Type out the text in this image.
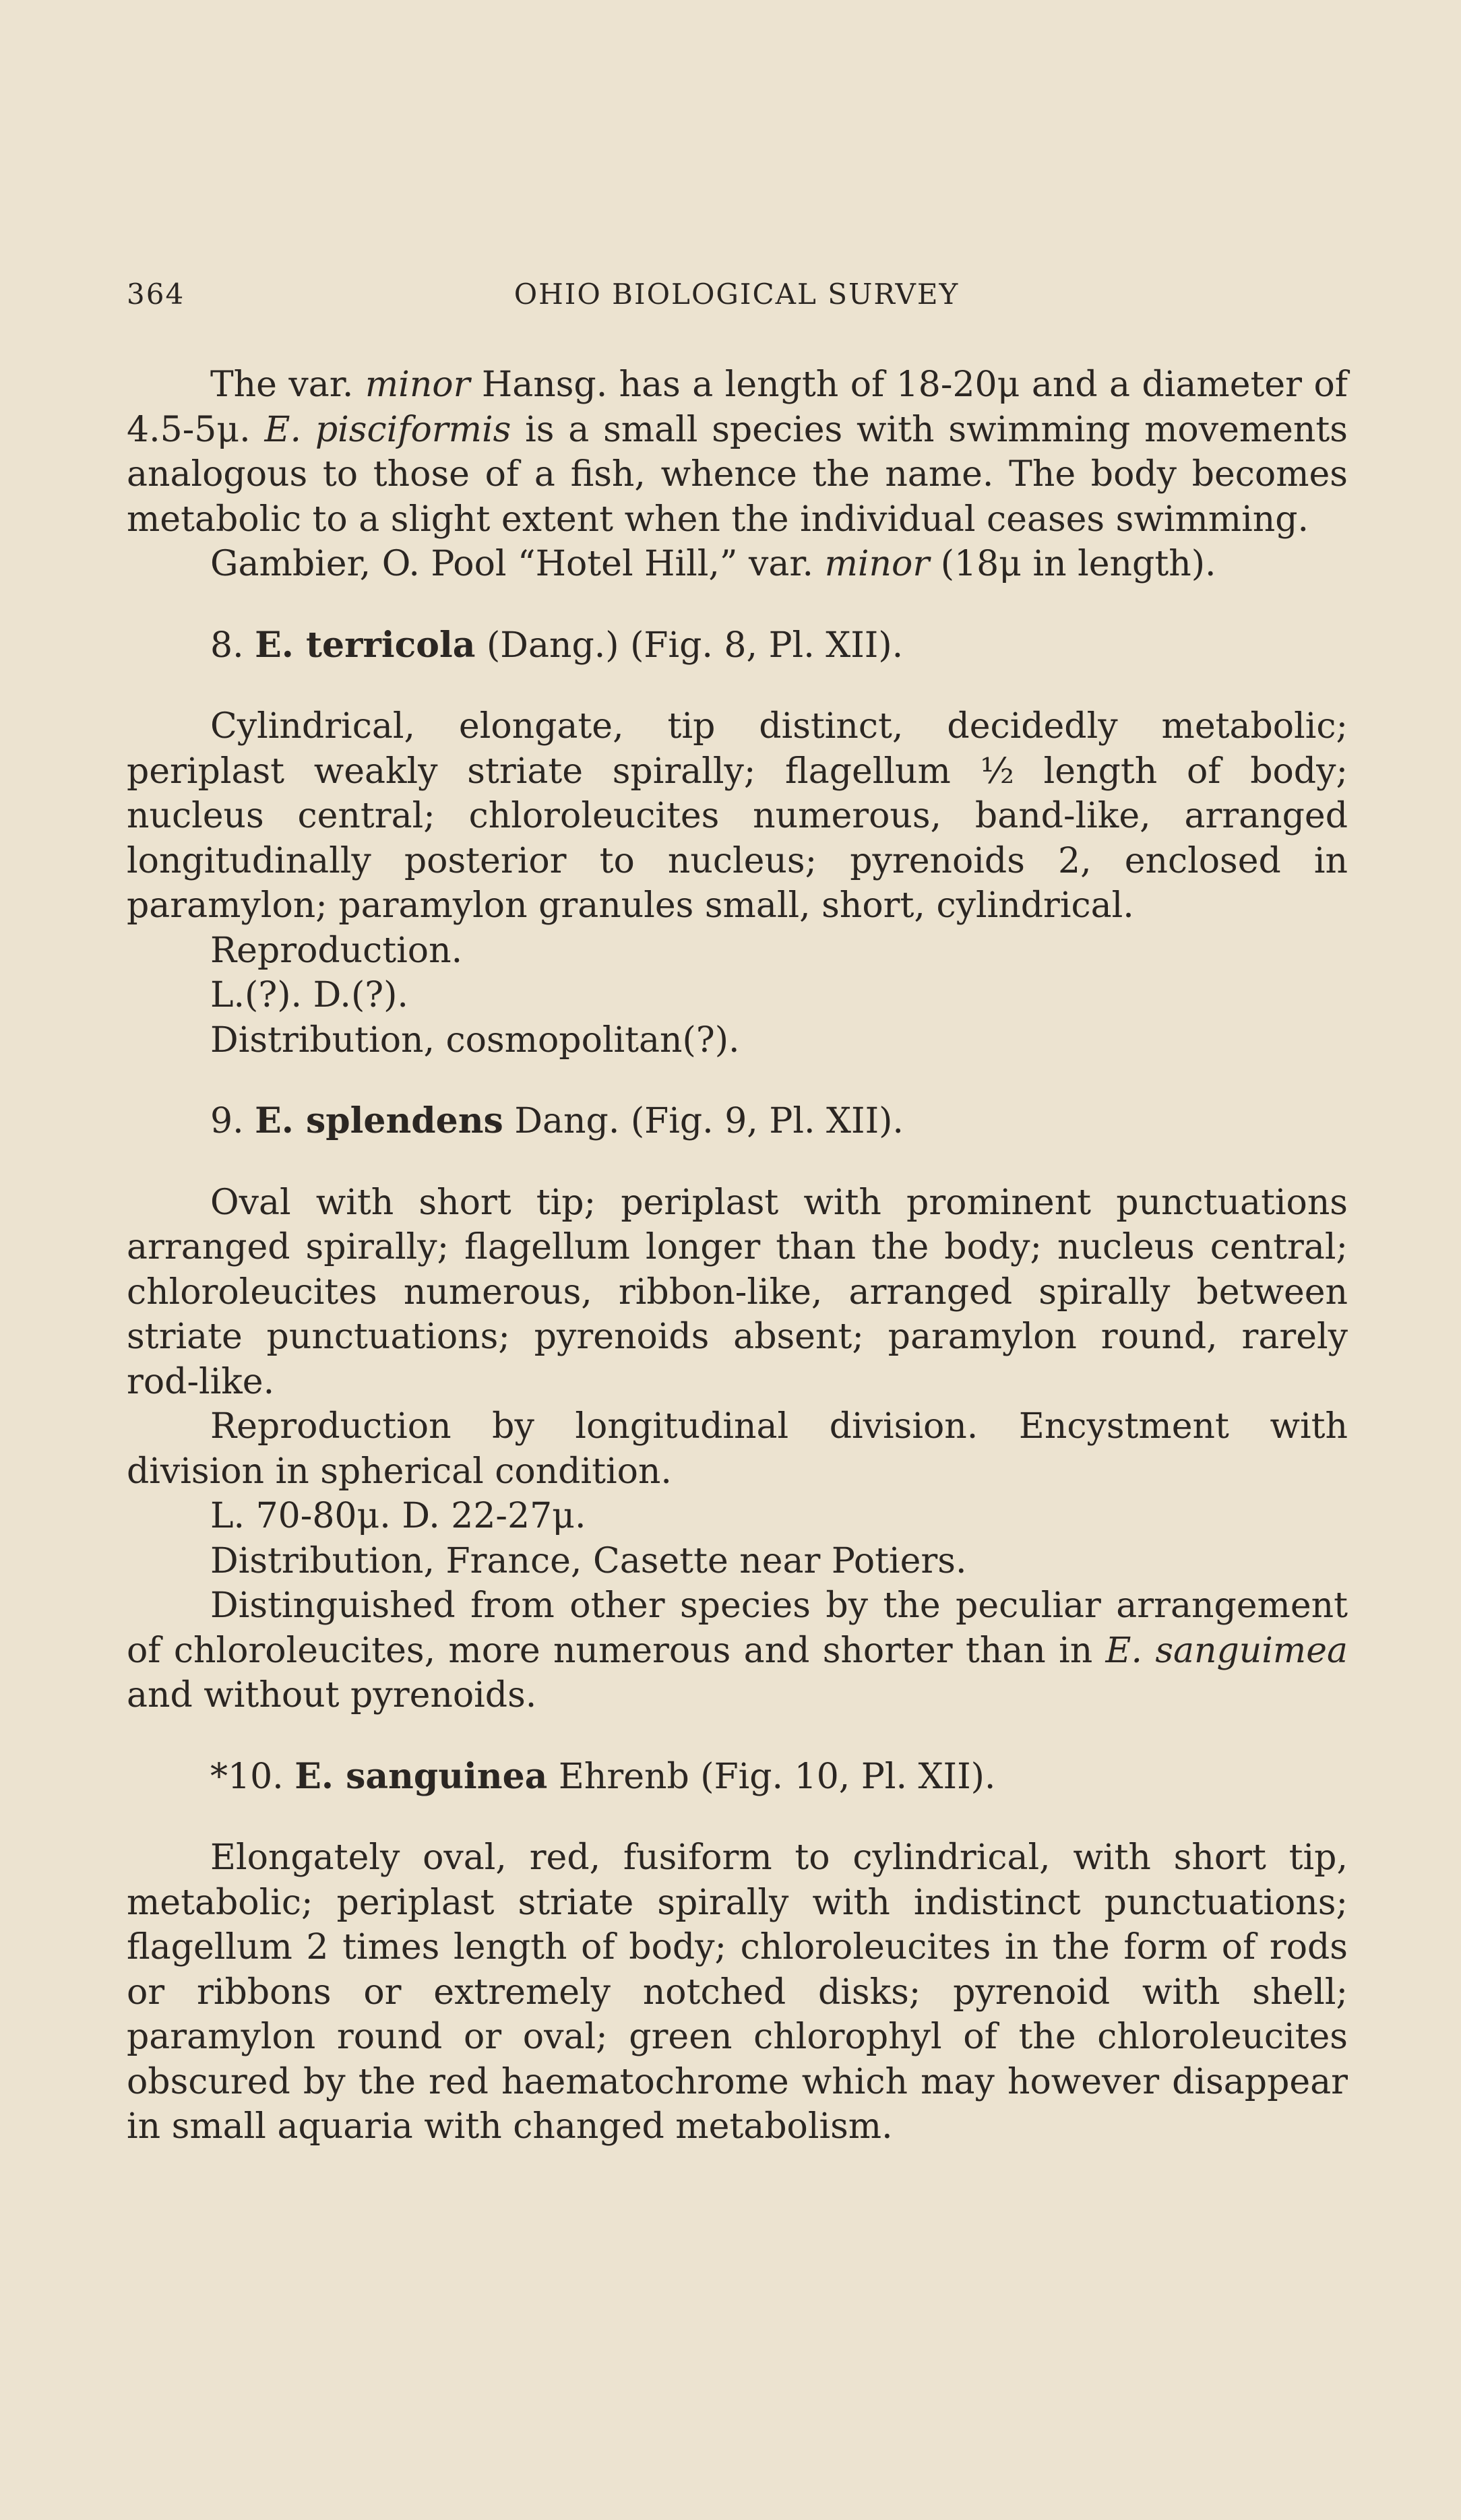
364	OHIO BIOLOGICAL SURVEY

The var. minor Hansg. has a length of 18-20μ and a diameter of 4.5-5μ. E. pisciformis is a small species with swimming movements analogous to those of a fish, whence the name. The body becomes metabolic to a slight extent when the individual ceases swimming.

Gambier, O. Pool “Hotel Hill,” var. minor (18μ in length).

8. E. terricola (Dang.) (Fig. 8, Pl. XII).

Cylindrical, elongate, tip distinct, decidedly metabolic; periplast weakly striate spirally; flagellum ½ length of body; nucleus central; chloroleucites numerous, band-like, arranged longitudinally posterior to nucleus; pyrenoids 2, enclosed in paramylon; paramylon granules small, short, cylindrical.

Reproduction.

L.(?). D.(?).

Distribution, cosmopolitan(?).

9. E. splendens Dang. (Fig. 9, Pl. XII).

Oval with short tip; periplast with prominent punctuations arranged spirally; flagellum longer than the body; nucleus central; chloroleucites numerous, ribbon-like, arranged spirally between striate punctuations; pyrenoids absent; paramylon round, rarely rod-like.

Reproduction by longitudinal division. Encystment with division in spherical condition.

L. 70-80μ. D. 22-27μ.

Distribution, France, Casette near Potiers.

Distinguished from other species by the peculiar arrangement of chloroleucites, more numerous and shorter than in E. sanguimea and without pyrenoids.

*10. E. sanguinea Ehrenb (Fig. 10, Pl. XII).

Elongately oval, red, fusiform to cylindrical, with short tip, metabolic; periplast striate spirally with indistinct punctuations; flagellum 2 times length of body; chloroleucites in the form of rods or ribbons or extremely notched disks; pyrenoid with shell; paramylon round or oval; green chlorophyl of the chloroleucites obscured by the red haematochrome which may however disappear in small aquaria with changed metabolism.
